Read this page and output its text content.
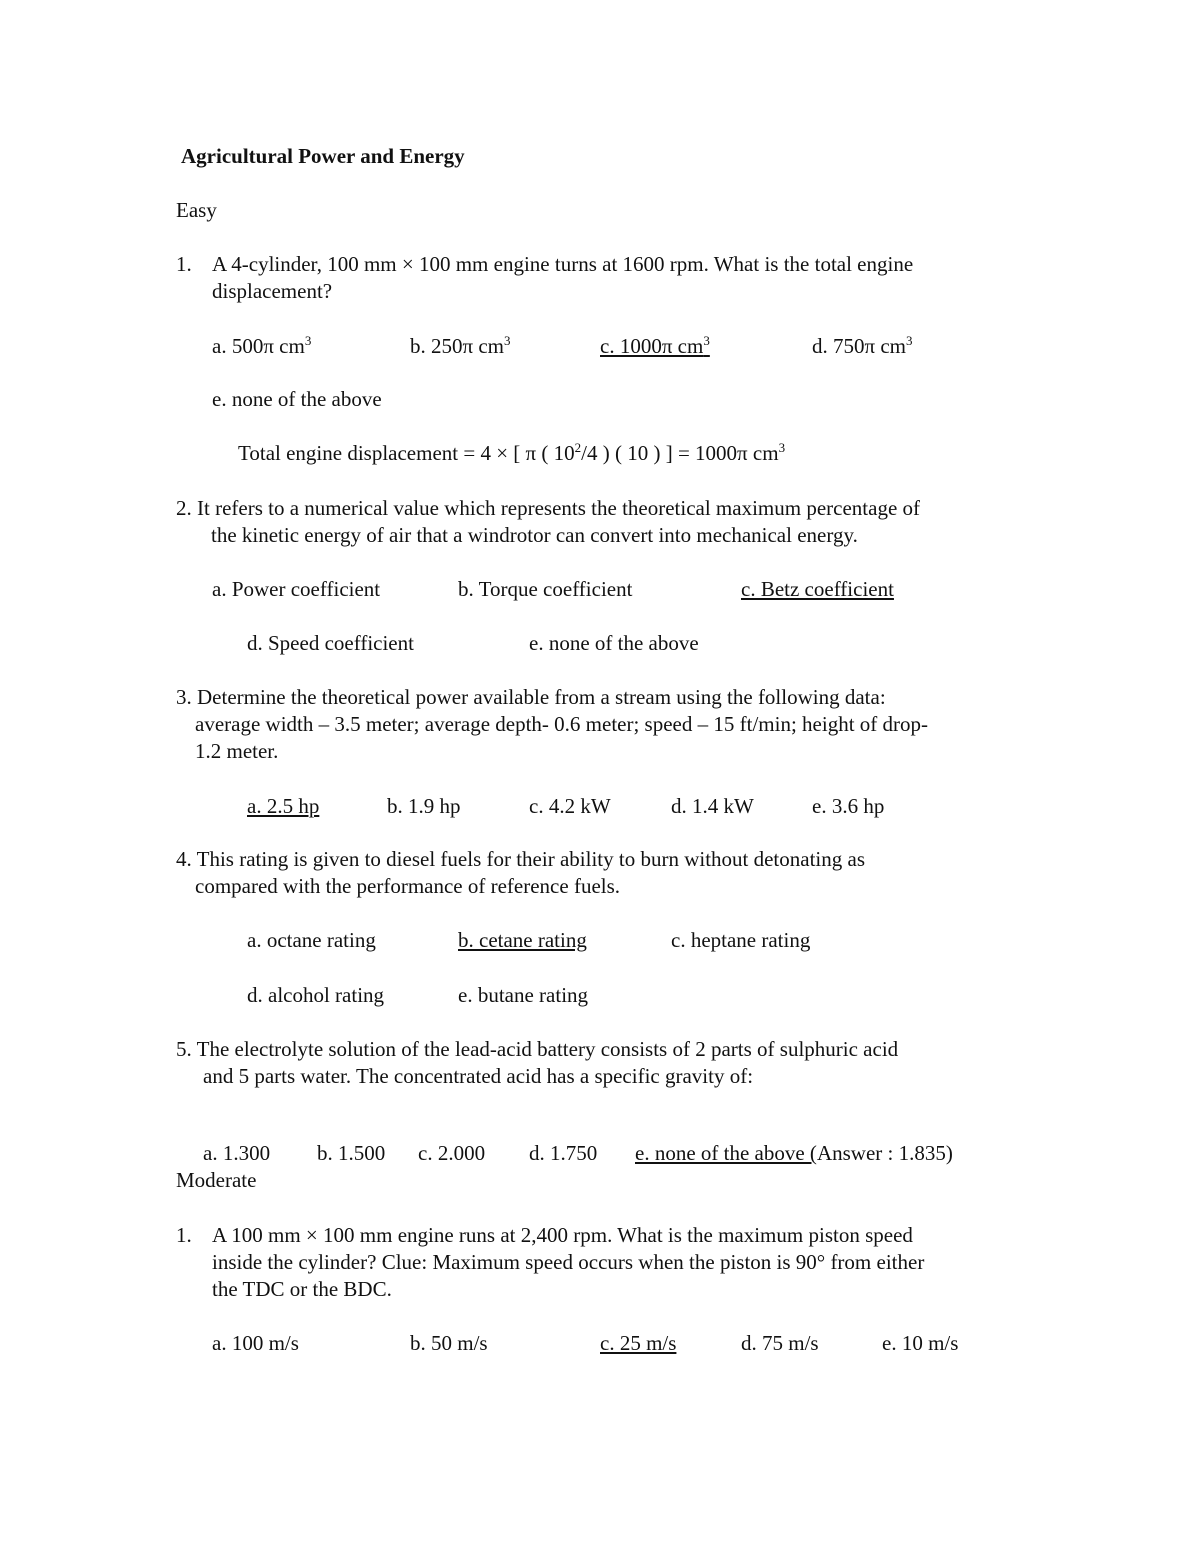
Agricultural Power and Energy
Easy
1. A 4-cylinder, 100 mm × 100 mm engine turns at 1600 rpm. What is the total engine
displacement?
a. 500π $cm^3$	b. 250π $cm^3$	c. 1000π $cm^3$	d. 750π $cm^3$
e. none of the above
Total engine displacement = 4 × [ π ( $10^2/4$ ) ( 10 ) ] = 1000π $cm^3$
2. It refers to a numerical value which represents the theoretical maximum percentage of
the kinetic energy of air that a windrotor can convert into mechanical energy.
a. Power coefficient	b. Torque coefficient	c. Betz coefficient
d. Speed coefficient	e. none of the above
3. Determine the theoretical power available from a stream using the following data:
average width – 3.5 meter; average depth- 0.6 meter; speed – 15 ft/min; height of drop-
1.2 meter.
a. 2.5 hp	b. 1.9 hp	c. 4.2 kW	d. 1.4 kW	e. 3.6 hp
4. This rating is given to diesel fuels for their ability to burn without detonating as
compared with the performance of reference fuels.
a. octane rating	b. cetane rating	c. heptane rating
d. alcohol rating	e. butane rating
5. The electrolyte solution of the lead-acid battery consists of 2 parts of sulphuric acid
and 5 parts water. The concentrated acid has a specific gravity of:
a. 1.300 b. 1.500 c. 2.000 d. 1.750 e. none of the above (Answer : 1.835)
Moderate
1. A 100 mm × 100 mm engine runs at 2,400 rpm. What is the maximum piston speed
inside the cylinder? Clue: Maximum speed occurs when the piston is 90° from either
the TDC or the BDC.
a. 100 m/s	b. 50 m/s	c. 25 m/s	d. 75 m/s	e. 10 m/s
